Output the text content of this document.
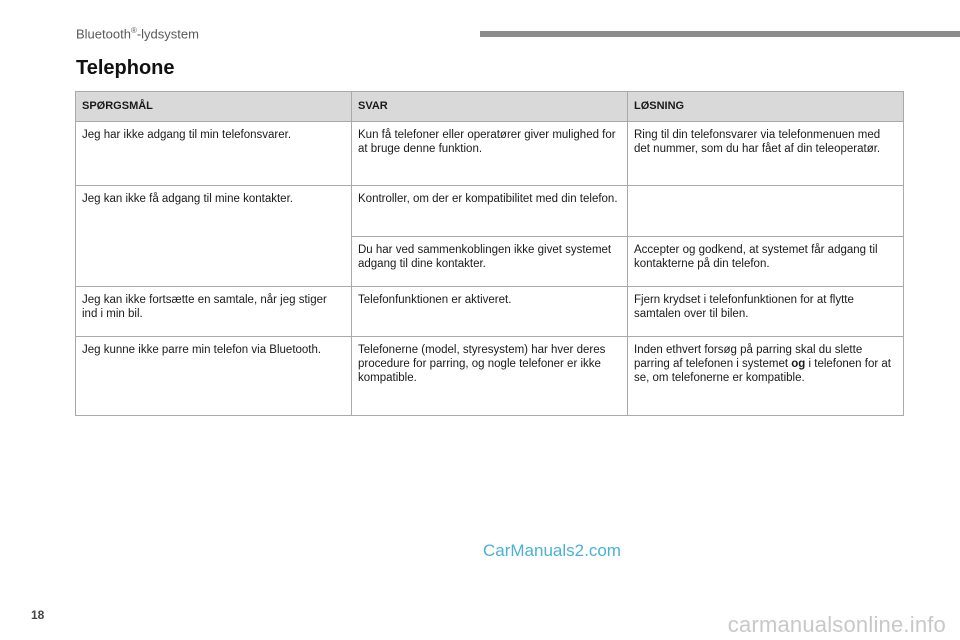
Bluetooth®-lydsystem
Telephone
SPØRGSMÅL	SVAR	LØSNING
Jeg har ikke adgang til min telefonsvarer.	Kun få telefoner eller operatører giver mulighed for at bruge denne funktion.	Ring til din telefonsvarer via telefonmenuen med det nummer, som du har fået af din teleoperatør.
Jeg kan ikke få adgang til mine kontakter.	Kontroller, om der er kompatibilitet med din telefon.	
	Du har ved sammenkoblingen ikke givet systemet adgang til dine kontakter.	Accepter og godkend, at systemet får adgang til kontakterne på din telefon.
Jeg kan ikke fortsætte en samtale, når jeg stiger ind i min bil.	Telefonfunktionen er aktiveret.	Fjern krydset i telefonfunktionen for at flytte samtalen over til bilen.
Jeg kunne ikke parre min telefon via Bluetooth.	Telefonerne (model, styresystem) har hver deres procedure for parring, og nogle telefoner er ikke kompatible.	Inden ethvert forsøg på parring skal du slette parring af telefonen i systemet og i telefonen for at se, om telefonerne er kompatible.
CarManuals2.com
18	carmanualsonline.info
